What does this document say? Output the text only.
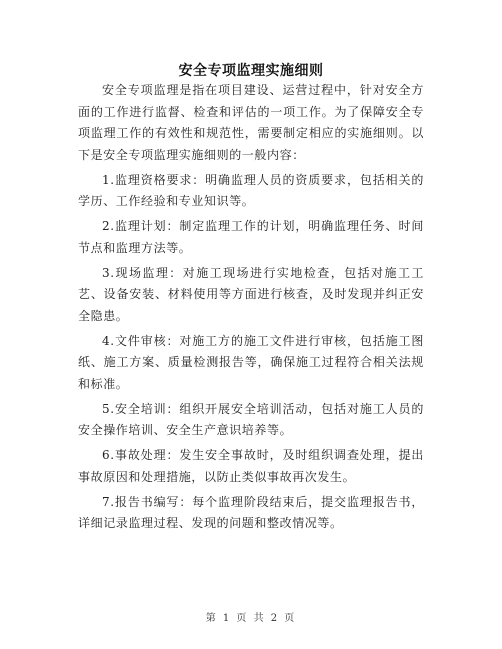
安全专项监理实施细则

安全专项监理是指在项目建设、运营过程中，针对安全方面的工作进行监督、检查和评估的一项工作。为了保障安全专项监理工作的有效性和规范性，需要制定相应的实施细则。以下是安全专项监理实施细则的一般内容：

1.监理资格要求：明确监理人员的资质要求，包括相关的学历、工作经验和专业知识等。

2.监理计划：制定监理工作的计划，明确监理任务、时间节点和监理方法等。

3.现场监理：对施工现场进行实地检查，包括对施工工艺、设备安装、材料使用等方面进行核查，及时发现并纠正安全隐患。

4.文件审核：对施工方的施工文件进行审核，包括施工图纸、施工方案、质量检测报告等，确保施工过程符合相关法规和标准。

5.安全培训：组织开展安全培训活动，包括对施工人员的安全操作培训、安全生产意识培养等。

6.事故处理：发生安全事故时，及时组织调查处理，提出事故原因和处理措施，以防止类似事故再次发生。

7.报告书编写：每个监理阶段结束后，提交监理报告书，详细记录监理过程、发现的问题和整改情况等。

第 1 页 共 2 页
